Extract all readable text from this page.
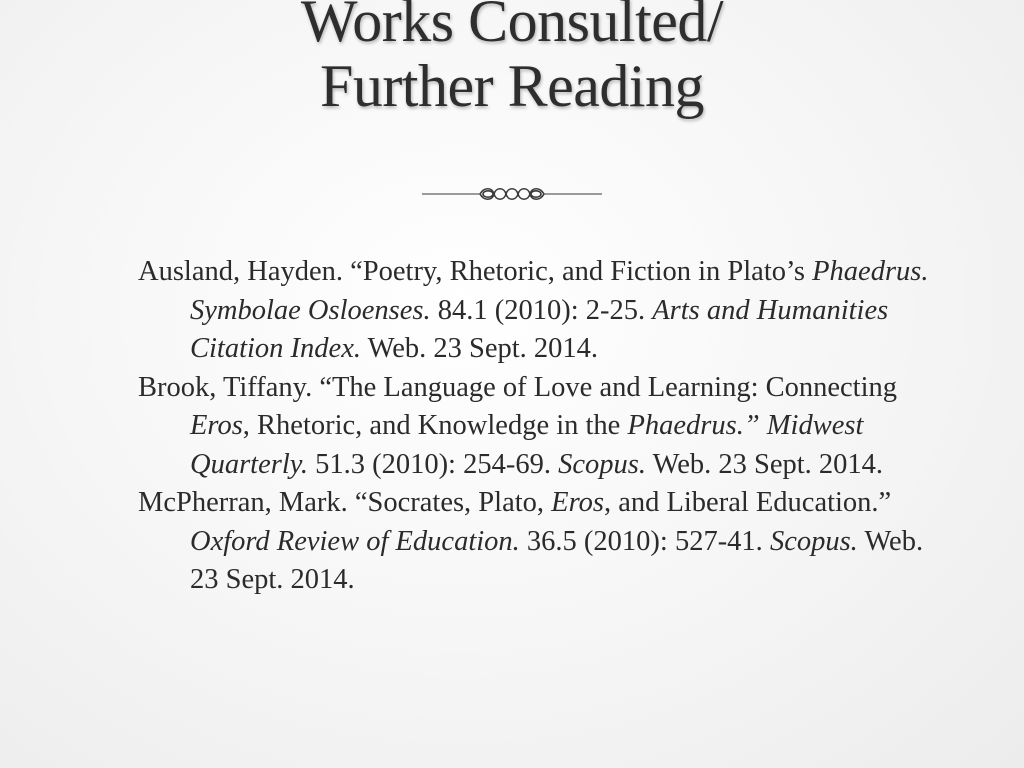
Works Consulted/
Further Reading

Ausland, Hayden. “Poetry, Rhetoric, and Fiction in Plato’s Phaedrus. Symbolae Osloenses. 84.1 (2010): 2-25. Arts and Humanities Citation Index. Web. 23 Sept. 2014.

Brook, Tiffany. “The Language of Love and Learning: Connecting Eros, Rhetoric, and Knowledge in the Phaedrus.” Midwest Quarterly. 51.3 (2010): 254-69. Scopus. Web. 23 Sept. 2014.

McPherran, Mark. “Socrates, Plato, Eros, and Liberal Education.” Oxford Review of Education. 36.5 (2010): 527-41. Scopus. Web. 23 Sept. 2014.
